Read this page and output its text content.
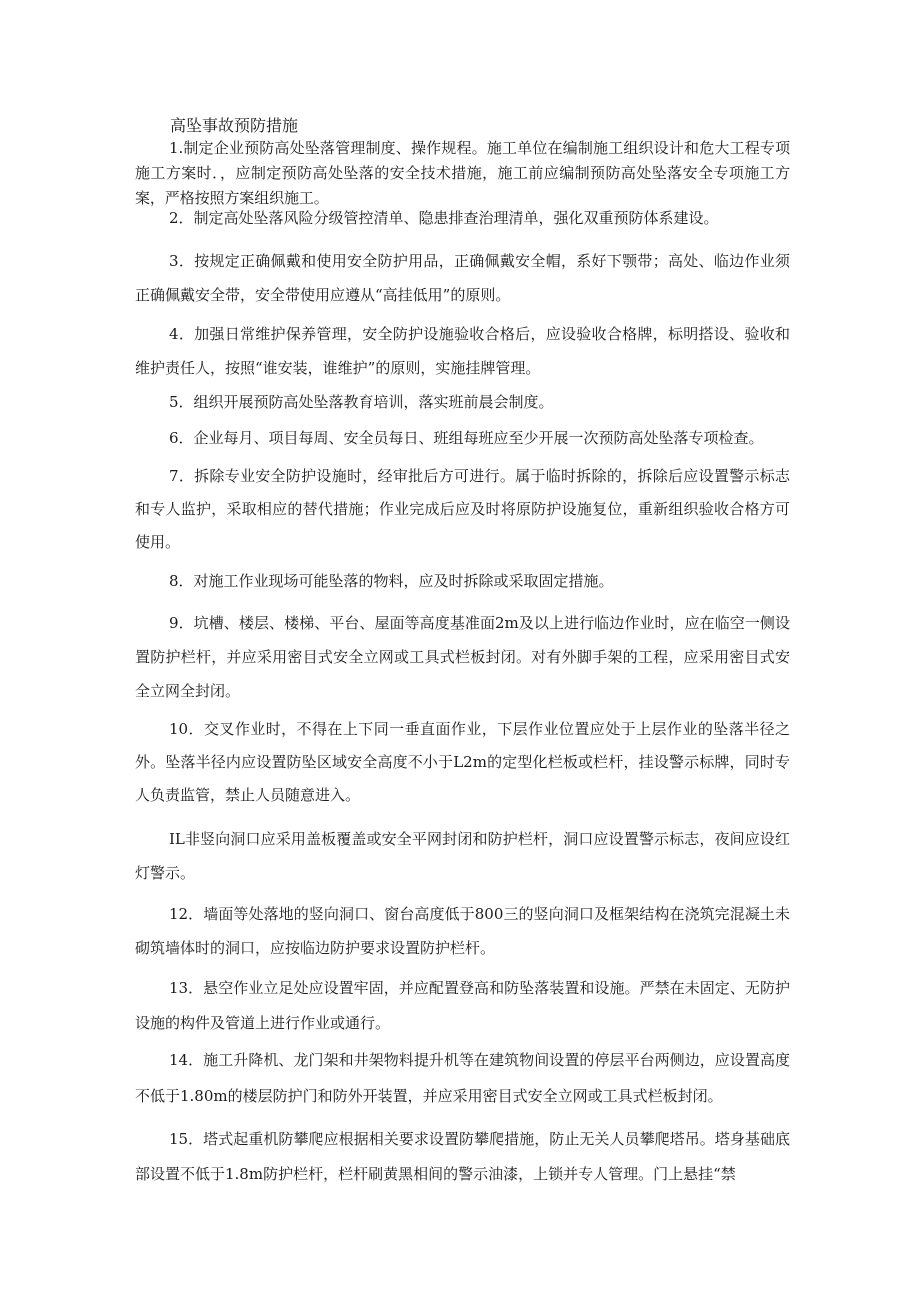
高坠事故预防措施

1.制定企业预防高处坠落管理制度、操作规程。施工单位在编制施工组织设计和危大工程专项施工方案时．，应制定预防高处坠落的安全技术措施，施工前应编制预防高处坠落安全专项施工方案，严格按照方案组织施工。

2．制定高处坠落风险分级管控清单、隐患排查治理清单，强化双重预防体系建设。

3．按规定正确佩戴和使用安全防护用品，正确佩戴安全帽，系好下颚带；高处、临边作业须正确佩戴安全带，安全带使用应遵从“高挂低用”的原则。

4．加强日常维护保养管理，安全防护设施验收合格后，应设验收合格牌，标明搭设、验收和维护责任人，按照“谁安装，谁维护”的原则，实施挂牌管理。

5．组织开展预防高处坠落教育培训，落实班前晨会制度。

6．企业每月、项目每周、安全员每日、班组每班应至少开展一次预防高处坠落专项检查。

7．拆除专业安全防护设施时，经审批后方可进行。属于临时拆除的，拆除后应设置警示标志和专人监护，采取相应的替代措施；作业完成后应及时将原防护设施复位，重新组织验收合格方可使用。

8．对施工作业现场可能坠落的物料，应及时拆除或采取固定措施。

9．坑槽、楼层、楼梯、平台、屋面等高度基准面2m及以上进行临边作业时，应在临空一侧设置防护栏杆，并应采用密目式安全立网或工具式栏板封闭。对有外脚手架的工程，应采用密目式安全立网全封闭。

10．交叉作业时，不得在上下同一垂直面作业，下层作业位置应处于上层作业的坠落半径之外。坠落半径内应设置防坠区域安全高度不小于L2m的定型化栏板或栏杆，挂设警示标牌，同时专人负责监管，禁止人员随意进入。

IL非竖向洞口应采用盖板覆盖或安全平网封闭和防护栏杆，洞口应设置警示标志，夜间应设红灯警示。

12．墙面等处落地的竖向洞口、窗台高度低于800三的竖向洞口及框架结构在浇筑完混凝土未砌筑墙体时的洞口，应按临边防护要求设置防护栏杆。

13．悬空作业立足处应设置牢固，并应配置登高和防坠落装置和设施。严禁在未固定、无防护设施的构件及管道上进行作业或通行。

14．施工升降机、龙门架和井架物料提升机等在建筑物间设置的停层平台两侧边，应设置高度不低于1.80m的楼层防护门和防外开装置，并应采用密目式安全立网或工具式栏板封闭。

15．塔式起重机防攀爬应根据相关要求设置防攀爬措施，防止无关人员攀爬塔吊。塔身基础底部设置不低于1.8m防护栏杆，栏杆刷黄黑相间的警示油漆，上锁并专人管理。门上悬挂“禁
